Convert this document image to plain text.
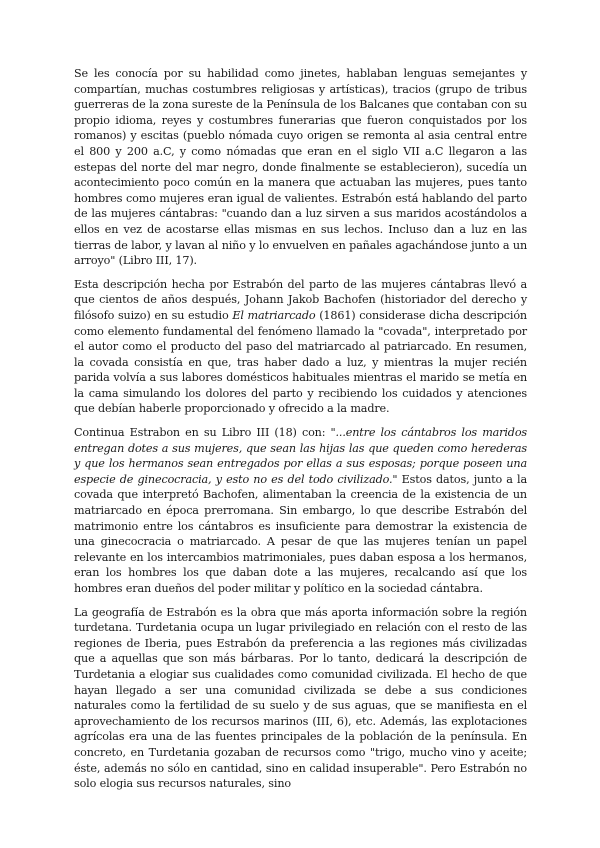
Se les conocía por su habilidad como jinetes, hablaban lenguas semejantes y compartían, muchas costumbres religiosas y artísticas), tracios (grupo de tribus guerreras de la zona sureste de la Península de los Balcanes que contaban con su propio idioma, reyes y costumbres funerarias que fueron conquistados por los romanos) y escitas (pueblo nómada cuyo origen se remonta al asia central entre el 800 y 200 a.C, y como nómadas que eran en el siglo VII a.C llegaron a las estepas del norte del mar negro, donde finalmente se establecieron), sucedía un acontecimiento poco común en la manera que actuaban las mujeres, pues tanto hombres como mujeres eran igual de valientes. Estrabón está hablando del parto de las mujeres cántabras: "cuando dan a luz sirven a sus maridos acostándolos a ellos en vez de acostarse ellas mismas en sus lechos. Incluso dan a luz en las tierras de labor, y lavan al niño y lo envuelven en pañales agachándose junto a un arroyo" (Libro III, 17).

Esta descripción hecha por Estrabón del parto de las mujeres cántabras llevó a que cientos de años después, Johann Jakob Bachofen (historiador del derecho y filósofo suizo) en su estudio El matriarcado (1861) considerase dicha descripción como elemento fundamental del fenómeno llamado la "covada", interpretado por el autor como el producto del paso del matriarcado al patriarcado. En resumen, la covada consistía en que, tras haber dado a luz, y mientras la mujer recién parida volvía a sus labores domésticos habituales mientras el marido se metía en la cama simulando los dolores del parto y recibiendo los cuidados y atenciones que debían haberle proporcionado y ofrecido a la madre.

Continua Estrabon en su Libro III (18) con: "...entre los cántabros los maridos entregan dotes a sus mujeres, que sean las hijas las que queden como herederas y que los hermanos sean entregados por ellas a sus esposas; porque poseen una especie de ginecocracia, y esto no es del todo civilizado." Estos datos, junto a la covada que interpretó Bachofen, alimentaban la creencia de la existencia de un matriarcado en época prerromana. Sin embargo, lo que describe Estrabón del matrimonio entre los cántabros es insuficiente para demostrar la existencia de una ginecocracia o matriarcado. A pesar de que las mujeres tenían un papel relevante en los intercambios matrimoniales, pues daban esposa a los hermanos, eran los hombres los que daban dote a las mujeres, recalcando así que los hombres eran dueños del poder militar y político en la sociedad cántabra.

La geografía de Estrabón es la obra que más aporta información sobre la región turdetana. Turdetania ocupa un lugar privilegiado en relación con el resto de las regiones de Iberia, pues Estrabón da preferencia a las regiones más civilizadas que a aquellas que son más bárbaras. Por lo tanto, dedicará la descripción de Turdetania a elogiar sus cualidades como comunidad civilizada. El hecho de que hayan llegado a ser una comunidad civilizada se debe a sus condiciones naturales como la fertilidad de su suelo y de sus aguas, que se manifiesta en el aprovechamiento de los recursos marinos (III, 6), etc. Además, las explotaciones agrícolas era una de las fuentes principales de la población de la península. En concreto, en Turdetania gozaban de recursos como "trigo, mucho vino y aceite; éste, además no sólo en cantidad, sino en calidad insuperable". Pero Estrabón no solo elogia sus recursos naturales, sino
